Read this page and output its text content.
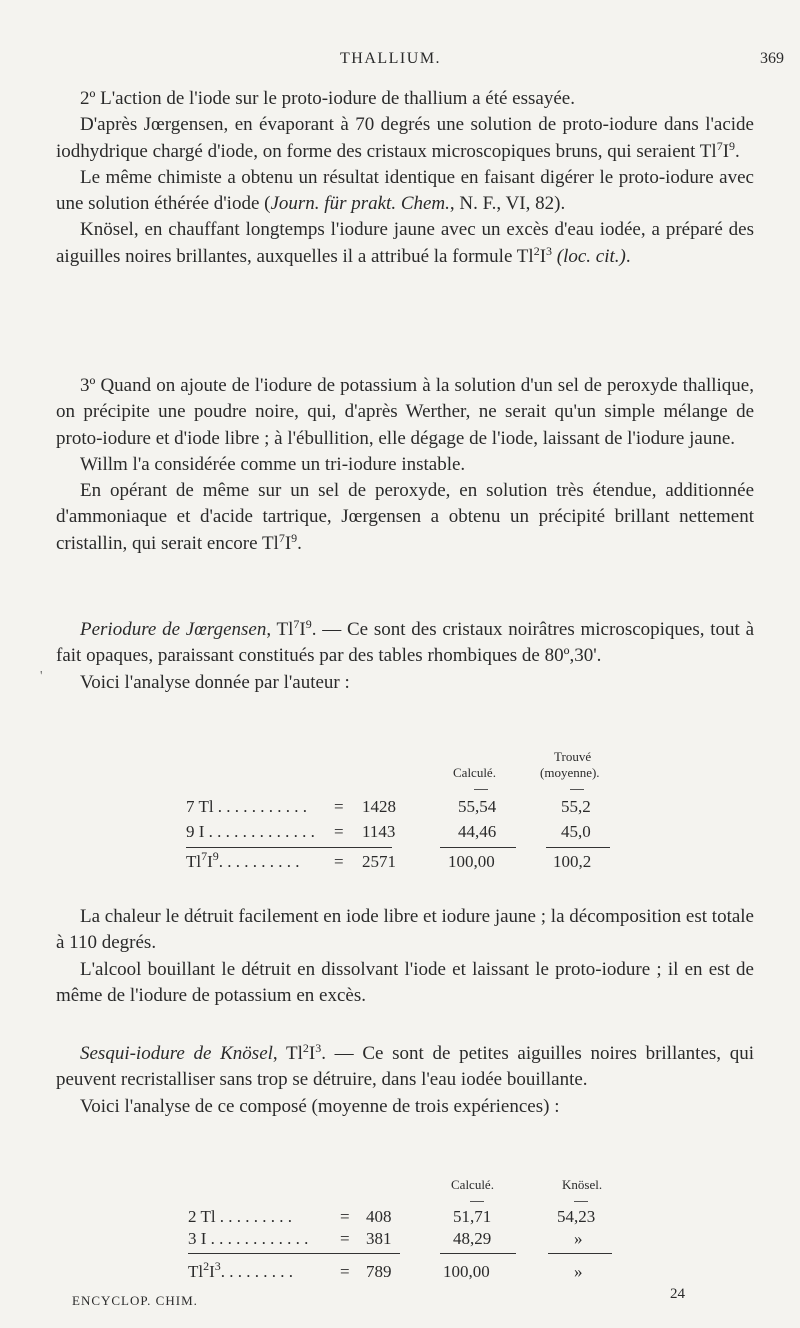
THALLIUM.	369

2º L'action de l'iode sur le proto-iodure de thallium a été essayée.

D'après Jœrgensen, en évaporant à 70 degrés une solution de proto-iodure dans l'acide iodhydrique chargé d'iode, on forme des cristaux microscopiques bruns, qui seraient $Tl^7I^9$.

Le même chimiste a obtenu un résultat identique en faisant digérer le proto-iodure avec une solution éthérée d'iode (Journ. für prakt. Chem., N. F., VI, 82).

Knösel, en chauffant longtemps l'iodure jaune avec un excès d'eau iodée, a préparé des aiguilles noires brillantes, auxquelles il a attribué la formule $Tl^2I^3$ (loc. cit.).

3º Quand on ajoute de l'iodure de potassium à la solution d'un sel de peroxyde thallique, on précipite une poudre noire, qui, d'après Werther, ne serait qu'un simple mélange de proto-iodure et d'iode libre ; à l'ébullition, elle dégage de l'iode, laissant de l'iodure jaune.

Willm l'a considérée comme un tri-iodure instable.

En opérant de même sur un sel de peroxyde, en solution très étendue, additionnée d'ammoniaque et d'acide tartrique, Jœrgensen a obtenu un précipité brillant nettement cristallin, qui serait encore $Tl^7I^9$.

'

Periodure de Jœrgensen, $Tl^7I^9$. — Ce sont des cristaux noirâtres microscopiques, tout à fait opaques, paraissant constitués par des tables rhombiques de 80º,30'.

Voici l'analyse donnée par l'auteur :

Trouvé
Calculé.	(moyenne).
7 Tl . . . . . . . . . . . = 1428	55,54	55,2
9 I . . . . . . . . . . . . . = 1143	44,46	45,0
$Tl^7I^9$. . . . . . . . . . = 2571	100,00	100,2

La chaleur le détruit facilement en iode libre et iodure jaune ; la décomposition est totale à 110 degrés.

L'alcool bouillant le détruit en dissolvant l'iode et laissant le proto-iodure ; il en est de même de l'iodure de potassium en excès.

Sesqui-iodure de Knösel, $Tl^2I^3$. — Ce sont de petites aiguilles noires brillantes, qui peuvent recristalliser sans trop se détruire, dans l'eau iodée bouillante.

Voici l'analyse de ce composé (moyenne de trois expériences) :

Calculé.	Knösel.
2 Tl . . . . . . . . .	= 408	51,71	54,23
3 I . . . . . . . . . . . . = 381	48,29	»
$Tl^2I^3$. . . . . . . . .	= 789	100,00	»
ENCYCLOP. CHIM.	24
